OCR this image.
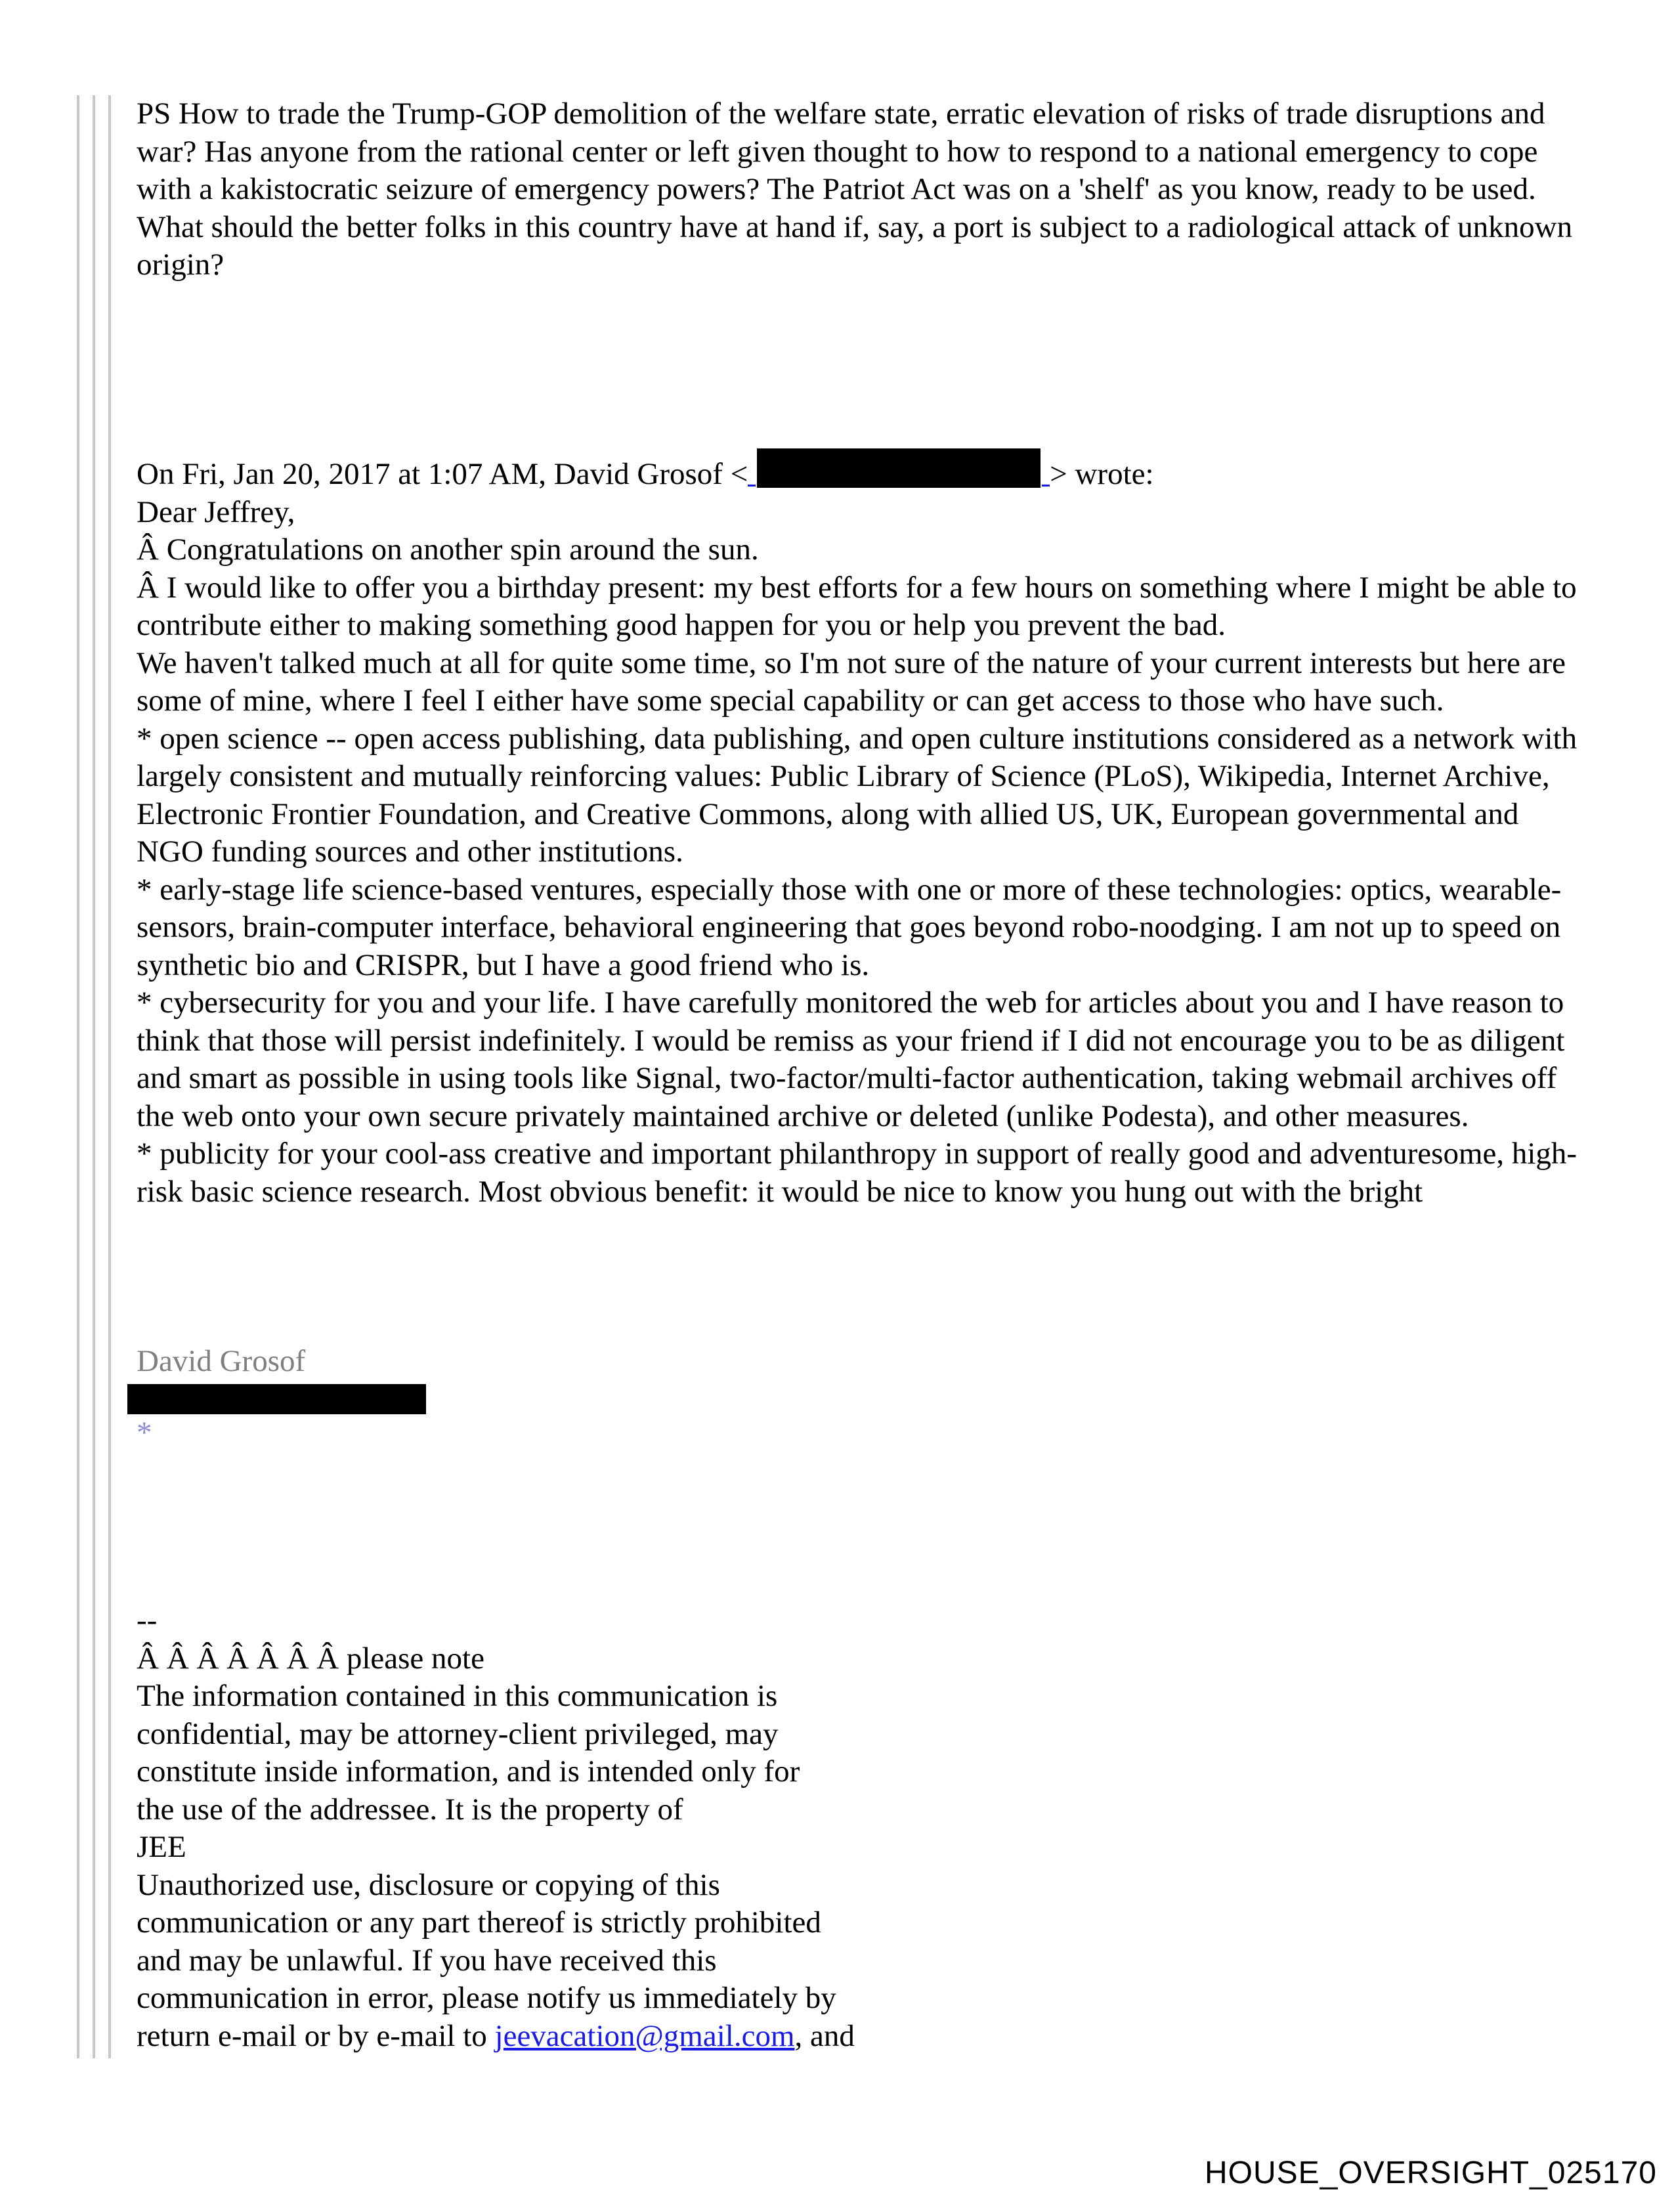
PS How to trade the Trump-GOP demolition of the welfare state, erratic elevation of risks of trade disruptions and war? Has anyone from the rational center or left given thought to how to respond to a national emergency to cope with a kakistocratic seizure of emergency powers? The Patriot Act was on a 'shelf' as you know, ready to be used. What should the better folks in this country have at hand if, say, a port is subject to a radiological attack of unknown origin?

On Fri, Jan 20, 2017 at 1:07 AM, David Grosof <	> wrote:

Dear Jeffrey,

Â Congratulations on another spin around the sun.

Â I would like to offer you a birthday present: my best efforts for a few hours on something where I might be able to contribute either to making something good happen for you or help you prevent the bad.

We haven't talked much at all for quite some time, so I'm not sure of the nature of your current interests but here are some of mine, where I feel I either have some special capability or can get access to those who have such.

* open science -- open access publishing, data publishing, and open culture institutions considered as a network with largely consistent and mutually reinforcing values: Public Library of Science (PLoS), Wikipedia, Internet Archive, Electronic Frontier Foundation, and Creative Commons, along with allied US, UK, European governmental and NGO funding sources and other institutions.

* early-stage life science-based ventures, especially those with one or more of these technologies: optics, wearable-sensors, brain-computer interface, behavioral engineering that goes beyond robo-noodging. I am not up to speed on synthetic bio and CRISPR, but I have a good friend who is.

* cybersecurity for you and your life. I have carefully monitored the web for articles about you and I have reason to think that those will persist indefinitely. I would be remiss as your friend if I did not encourage you to be as diligent and smart as possible in using tools like Signal, two-factor/multi-factor authentication, taking webmail archives off the web onto your own secure privately maintained archive or deleted (unlike Podesta), and other measures.

* publicity for your cool-ass creative and important philanthropy in support of really good and adventuresome, high-risk basic science research. Most obvious benefit: it would be nice to know you hung out with the bright

David Grosof

*

--

Â Â Â Â Â Â Â please note

The information contained in this communication is

confidential, may be attorney-client privileged, may

constitute inside information, and is intended only for

the use of the addressee. It is the property of

JEE

Unauthorized use, disclosure or copying of this

communication or any part thereof is strictly prohibited

and may be unlawful. If you have received this

communication in error, please notify us immediately by

return e-mail or by e-mail to jeevacation@gmail.com, and

HOUSE_OVERSIGHT_025170
